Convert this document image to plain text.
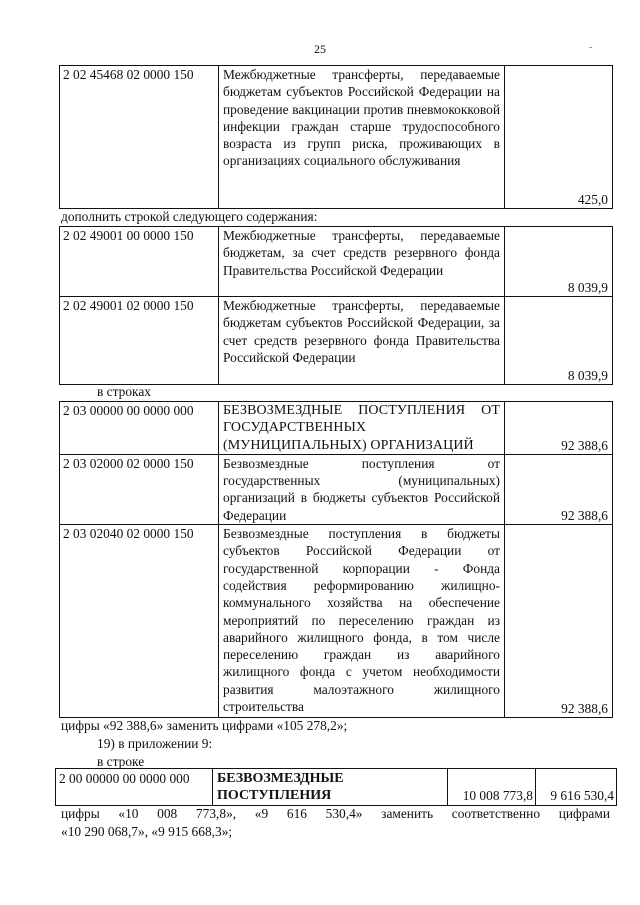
25	-
2 02 45468 02 0000 150	Межбюджетные трансферты, передаваемые бюджетам субъектов Российской Федерации на проведение вакцинации против пневмококковой инфекции граждан старше трудоспособного возраста из групп риска, проживающих в организациях социального обслуживания	425,0
дополнить строкой следующего содержания:
2 02 49001 00 0000 150	Межбюджетные трансферты, передаваемые бюджетам, за счет средств резервного фонда Правительства Российской Федерации	8 039,9
2 02 49001 02 0000 150	Межбюджетные трансферты, передаваемые бюджетам субъектов Российской Федерации, за счет средств резервного фонда Правительства Российской Федерации	8 039,9
в строках
2 03 00000 00 0000 000	БЕЗВОЗМЕЗДНЫЕ ПОСТУПЛЕНИЯ ОТ ГОСУДАРСТВЕННЫХ (МУНИЦИПАЛЬНЫХ) ОРГАНИЗАЦИЙ	92 388,6
2 03 02000 02 0000 150	Безвозмездные поступления от государственных (муниципальных) организаций в бюджеты субъектов Российской Федерации	92 388,6
2 03 02040 02 0000 150	Безвозмездные поступления в бюджеты субъектов Российской Федерации от государственной корпорации - Фонда содействия реформированию жилищно-коммунального хозяйства на обеспечение мероприятий по переселению граждан из аварийного жилищного фонда, в том числе переселению граждан из аварийного жилищного фонда с учетом необходимости развития малоэтажного жилищного строительства	92 388,6
цифры «92 388,6» заменить цифрами «105 278,2»;
19) в приложении 9:
в строке
2 00 00000 00 0000 000	БЕЗВОЗМЕЗДНЫЕ ПОСТУПЛЕНИЯ	10 008 773,8	9 616 530,4
цифры «10 008 773,8», «9 616 530,4» заменить соответственно цифрами
«10 290 068,7», «9 915 668,3»;
